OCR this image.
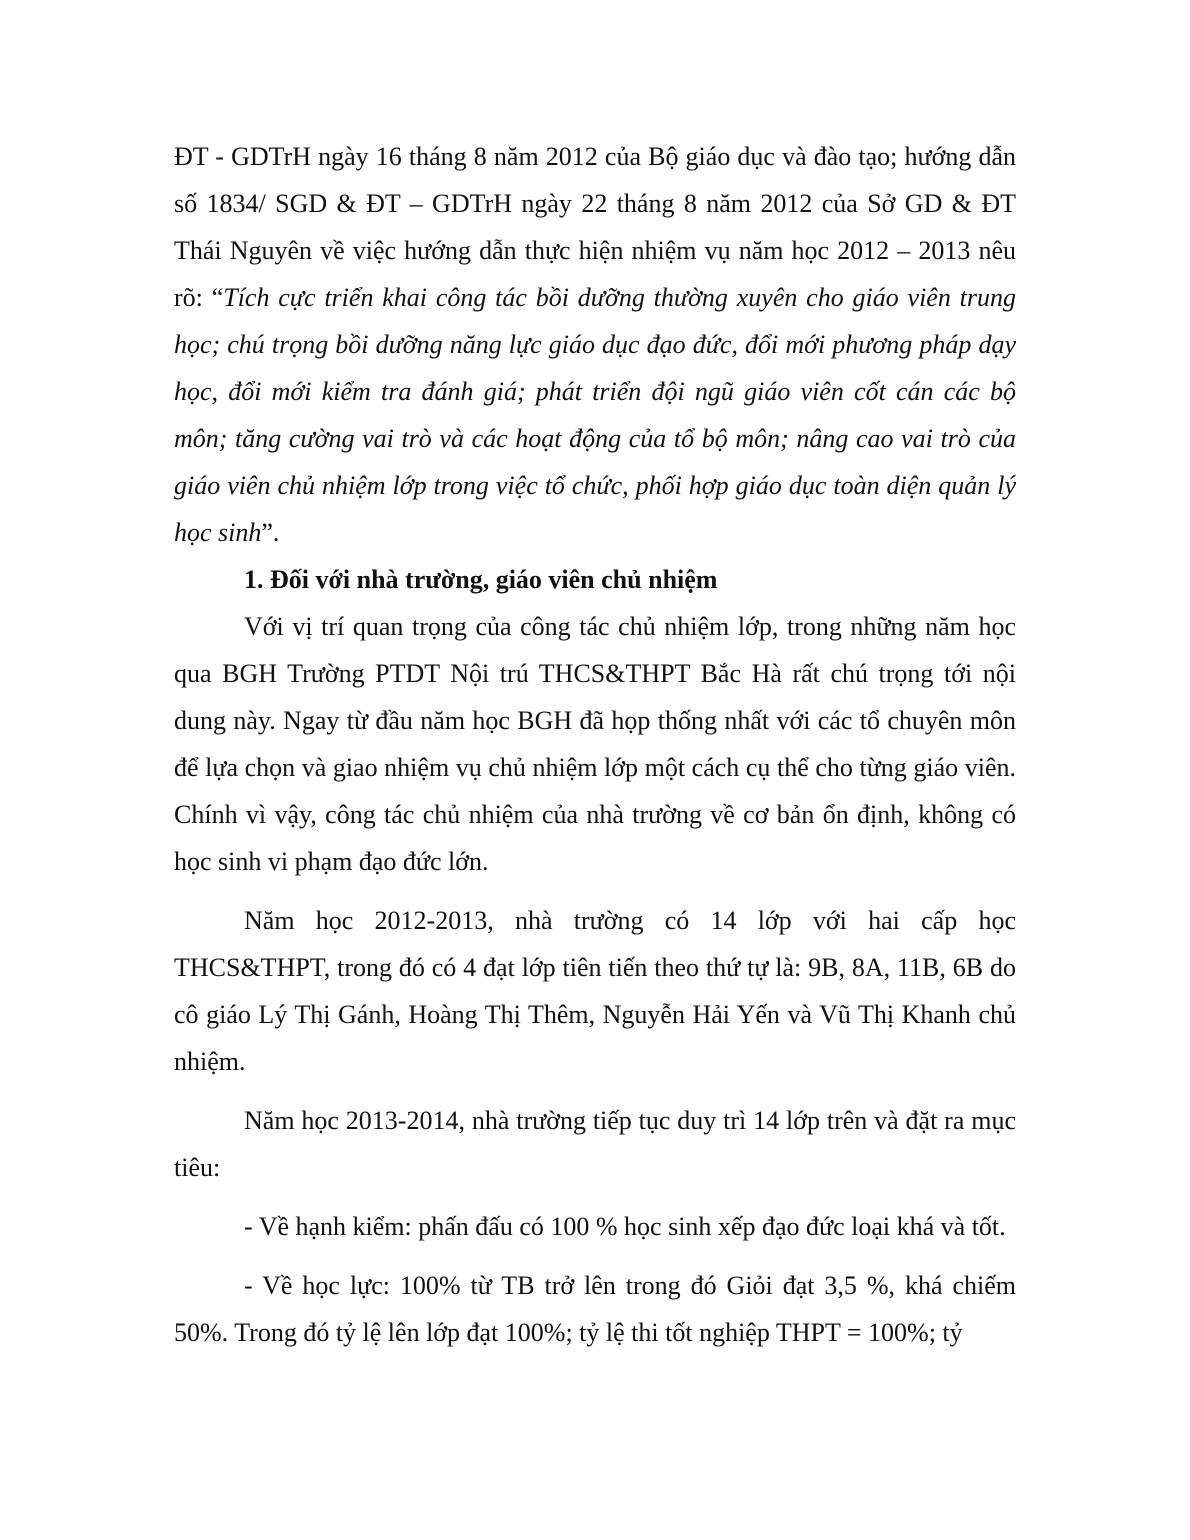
ĐT - GDTrH ngày 16 tháng 8 năm 2012 của Bộ giáo dục và đào tạo; hướng dẫn số 1834/ SGD & ĐT – GDTrH ngày 22 tháng 8 năm 2012 của Sở GD & ĐT Thái Nguyên về việc hướng dẫn thực hiện nhiệm vụ năm học 2012 – 2013 nêu rõ: “Tích cực triển khai công tác bồi dưỡng thường xuyên cho giáo viên trung học; chú trọng bồi dưỡng năng lực giáo dục đạo đức, đổi mới phương pháp dạy học, đổi mới kiểm tra đánh giá; phát triển đội ngũ giáo viên cốt cán các bộ môn; tăng cường vai trò và các hoạt động của tổ bộ môn; nâng cao vai trò của giáo viên chủ nhiệm lớp trong việc tổ chức, phối hợp giáo dục toàn diện quản lý học sinh”.

1. Đối với nhà trường, giáo viên chủ nhiệm

Với vị trí quan trọng của công tác chủ nhiệm lớp, trong những năm học qua BGH Trường PTDT Nội trú THCS&THPT Bắc Hà rất chú trọng tới nội dung này. Ngay từ đầu năm học BGH đã họp thống nhất với các tổ chuyên môn để lựa chọn và giao nhiệm vụ chủ nhiệm lớp một cách cụ thể cho từng giáo viên. Chính vì vậy, công tác chủ nhiệm của nhà trường về cơ bản ổn định, không có học sinh vi phạm đạo đức lớn.

Năm học 2012-2013, nhà trường có 14 lớp với hai cấp học THCS&THPT, trong đó có 4 đạt lớp tiên tiến theo thứ tự là: 9B, 8A, 11B, 6B do cô giáo Lý Thị Gánh, Hoàng Thị Thêm, Nguyễn Hải Yến và Vũ Thị Khanh chủ nhiệm.

Năm học 2013-2014, nhà trường tiếp tục duy trì 14 lớp trên và đặt ra mục tiêu:

- Về hạnh kiểm: phấn đấu có 100 % học sinh xếp đạo đức loại khá và tốt.

- Về học lực: 100% từ TB trở lên trong đó Giỏi đạt 3,5 %, khá chiếm 50%. Trong đó tỷ lệ lên lớp đạt 100%; tỷ lệ thi tốt nghiệp THPT = 100%; tỷ
